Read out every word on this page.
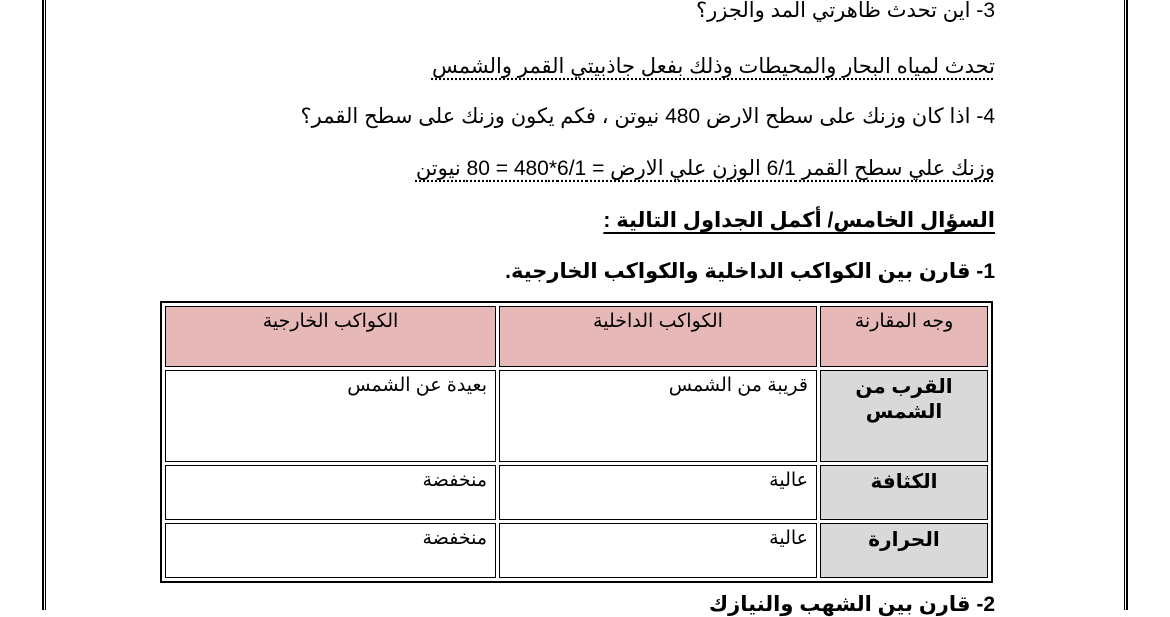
3- اين تحدث ظاهرتي المد والجزر؟
تحدث لمياه البحار والمحيطات وذلك بفعل جاذبيتي القمر والشمس
4- اذا كان وزنك على سطح الارض 480 نيوتن ، فكم يكون وزنك على سطح القمر؟
وزنك علي سطح القمر 6/1 الوزن علي الارض = 6/1*480 = 80 نيوتن
السؤال الخامس/ أكمل الجداول التالية :
1- قارن بين الكواكب الداخلية والكواكب الخارجية.
وجه المقارنة	الكواكب الداخلية	الكواكب الخارجية
القرب من الشمس	قريبة من الشمس	بعيدة عن الشمس
الكثافة	عالية	منخفضة
الحرارة	عالية	منخفضة
2- قارن بين الشهب والنيازك
